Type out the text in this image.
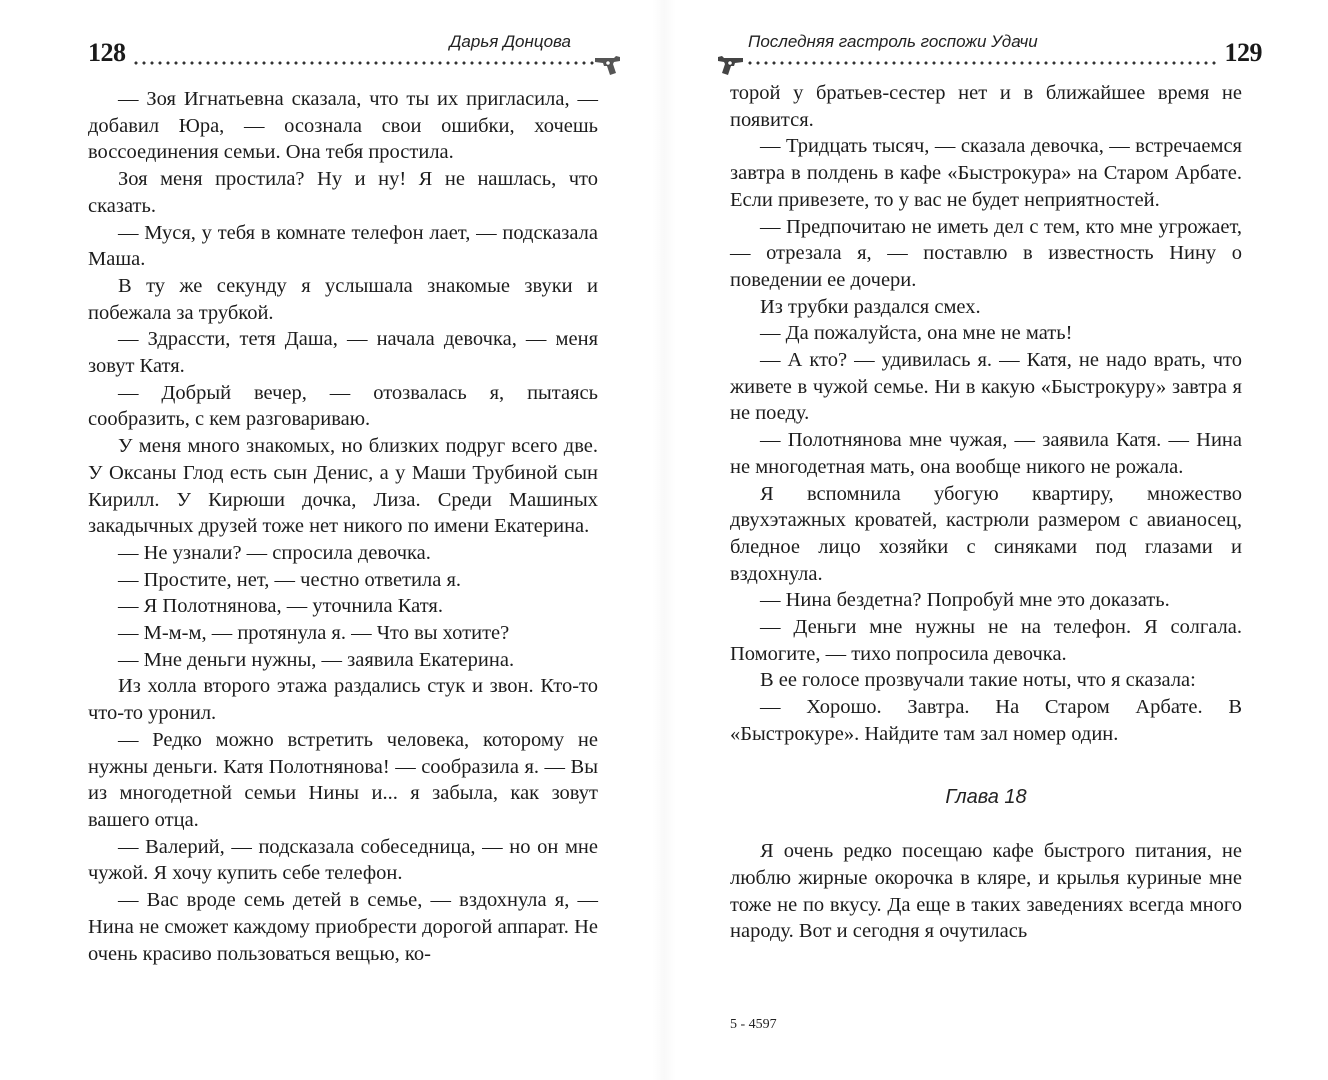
128	Дарья Донцова

— Зоя Игнатьевна сказала, что ты их пригласила, — добавил Юра, — осознала свои ошибки, хочешь воссоединения семьи. Она тебя простила.

Зоя меня простила? Ну и ну! Я не нашлась, что сказать.

— Муся, у тебя в комнате телефон лает, — подсказала Маша.

В ту же секунду я услышала знакомые звуки и побежала за трубкой.

— Здрасcти, тетя Даша, — начала девочка, — меня зовут Катя.

— Добрый вечер, — отозвалась я, пытаясь сообразить, с кем разговариваю.

У меня много знакомых, но близких подруг всего две. У Оксаны Глод есть сын Денис, а у Маши Трубиной сын Кирилл. У Кирюши дочка, Лиза. Среди Машиных закадычных друзей тоже нет никого по имени Екатерина.

— Не узнали? — спросила девочка.

— Простите, нет, — честно ответила я.

— Я Полотнянова, — уточнила Катя.

— М-м-м, — протянула я. — Что вы хотите?

— Мне деньги нужны, — заявила Екатерина.

Из холла второго этажа раздались стук и звон. Кто-то что-то уронил.

— Редко можно встретить человека, которому не нужны деньги. Катя Полотнянова! — сообразила я. — Вы из многодетной семьи Нины и... я забыла, как зовут вашего отца.

— Валерий, — подсказала собеседница, — но он мне чужой. Я хочу купить себе телефон.

— Вас вроде семь детей в семье, — вздохнула я, — Нина не сможет каждому приобрести дорогой аппарат. Не очень красиво пользоваться вещью, ко-

Последняя гастроль госпожи Удачи	129

торой у братьев-сестер нет и в ближайшее время не появится.

— Тридцать тысяч, — сказала девочка, — встречаемся завтра в полдень в кафе «Быстрокура» на Старом Арбате. Если привезете, то у вас не будет неприятностей.

— Предпочитаю не иметь дел с тем, кто мне угрожает, — отрезала я, — поставлю в известность Нину о поведении ее дочери.

Из трубки раздался смех.

— Да пожалуйста, она мне не мать!

— А кто? — удивилась я. — Катя, не надо врать, что живете в чужой семье. Ни в какую «Быстрокуру» завтра я не поеду.

— Полотнянова мне чужая, — заявила Катя. — Нина не многодетная мать, она вообще никого не рожала.

Я вспомнила убогую квартиру, множество двухэтажных кроватей, кастрюли размером с авианосец, бледное лицо хозяйки с синяками под глазами и вздохнула.

— Нина бездетна? Попробуй мне это доказать.

— Деньги мне нужны не на телефон. Я солгала. Помогите, — тихо попросила девочка.

В ее голосе прозвучали такие ноты, что я сказала:

— Хорошо. Завтра. На Старом Арбате. В «Быстрокуре». Найдите там зал номер один.

Глава 18

Я очень редко посещаю кафе быстрого питания, не люблю жирные окорочка в кляре, и крылья куриные мне тоже не по вкусу. Да еще в таких заведениях всегда много народу. Вот и сегодня я очутилась

5 - 4597
